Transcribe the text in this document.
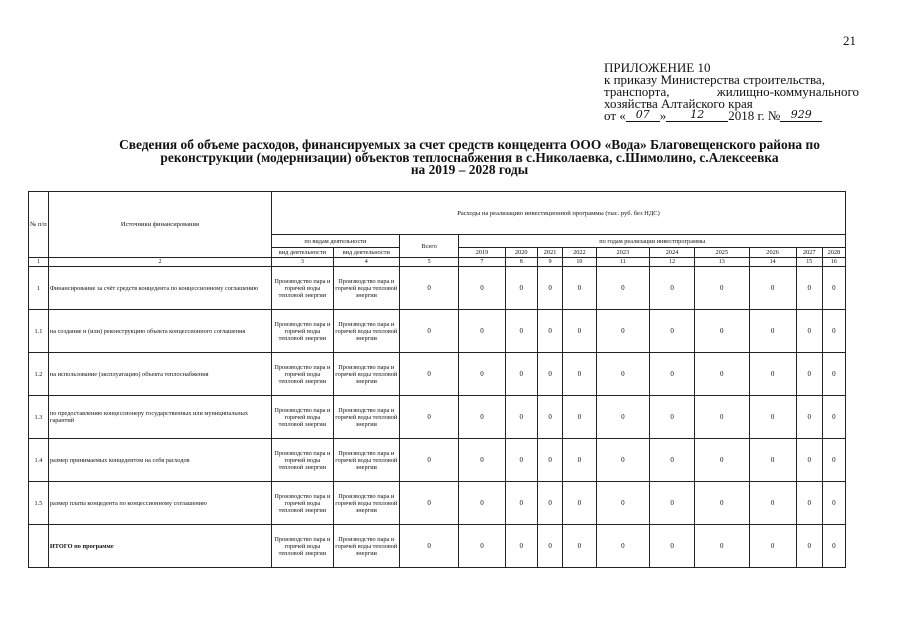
21
ПРИЛОЖЕНИЕ 10
к приказу Министерства строительства,
транспорта,	жилищно-коммунального
хозяйства Алтайского края
от « 07 »	12	2018 г. № 929
Сведения об объеме расходов, финансируемых за счет средств концедента ООО «Вода» Благовещенского района по
реконструкции (модернизации) объектов теплоснабжения в с.Николаевка, с.Шимолино, с.Алексеевка
на 2019 – 2028 годы
№ п/п	Источники финансирования	Расходы на реализацию инвестиционной программы (тыс. руб. без НДС)												
		по видам деятельности		Всего	по годам реализации инвестпрограммы									
		вид деятельности	вид деятельности		2019	2020	2021	2022	2023	2024	2025	2026	2027	2028
1	2	3	4	5	7	8	9	10	11	12	13	14	15	16
1	Финансирование за счёт средств концедента по концессионному соглашению	Производство пара и горячей воды тепловой энергии	Производство пара и горячей воды тепловой энергии	0	0	0	0	0	0	0	0	0	0	0
1.1	на создание и (или) реконструкцию объекта концессионного соглашения	Производство пара и горячей воды тепловой энергии	Производство пара и горячей воды тепловой энергии	0	0	0	0	0	0	0	0	0	0	0
1.2	на использование (эксплуатацию) объекта теплоснабжения	Производство пара и горячей воды тепловой энергии	Производство пара и горячей воды тепловой энергии	0	0	0	0	0	0	0	0	0	0	0
1.3	по предоставлению концессионеру государственных или муниципальных гарантий	Производство пара и горячей воды тепловой энергии	Производство пара и горячей воды тепловой энергии	0	0	0	0	0	0	0	0	0	0	0
1.4	размер принимаемых концедентом на себя расходов	Производство пара и горячей воды тепловой энергии	Производство пара и горячей воды тепловой энергии	0	0	0	0	0	0	0	0	0	0	0
1.5	размер платы концедента по концессионному соглашению	Производство пара и горячей воды тепловой энергии	Производство пара и горячей воды тепловой энергии	0	0	0	0	0	0	0	0	0	0	0
	ИТОГО по программе	Производство пара и горячей воды тепловой энергии	Производство пара и горячей воды тепловой энергии	0	0	0	0	0	0	0	0	0	0	0
